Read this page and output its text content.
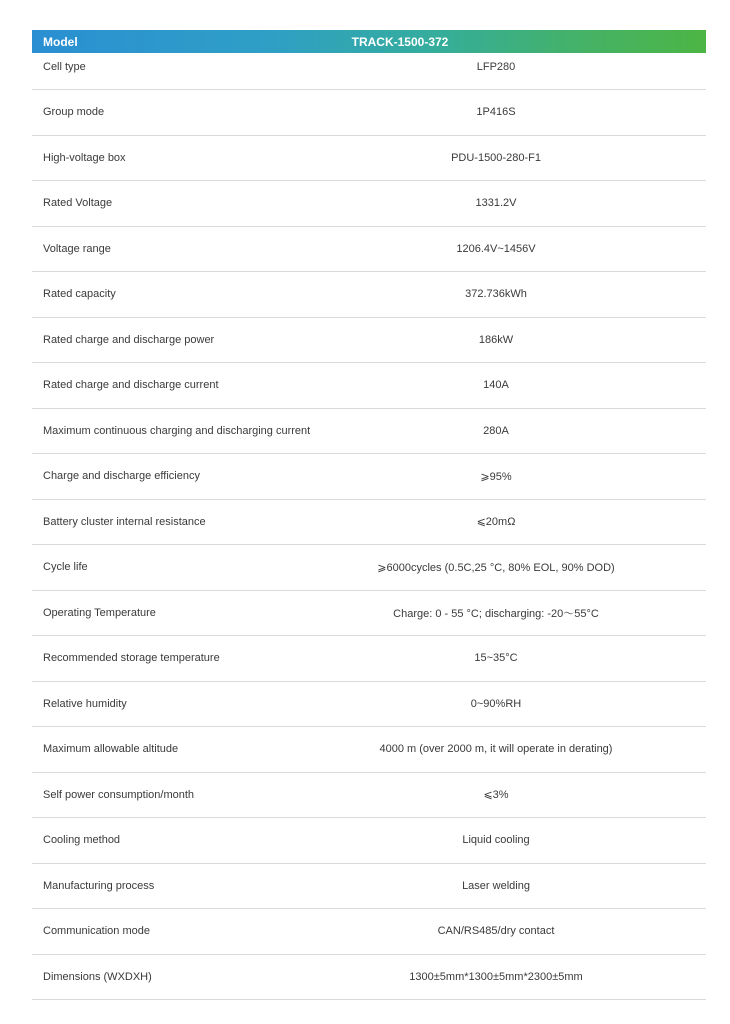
Model	TRACK-1500-372
Cell type	LFP280
Group mode	1P416S
High-voltage box	PDU-1500-280-F1
Rated Voltage	1331.2V
Voltage range	1206.4V~1456V
Rated capacity	372.736kWh
Rated charge and discharge power	186kW
Rated charge and discharge current	140A
Maximum continuous charging and discharging current	280A
Charge and discharge efficiency	⩾95%
Battery cluster internal resistance	⩽20mΩ
Cycle life	⩾6000cycles (0.5C,25 °C, 80% EOL, 90% DOD)
Operating Temperature	Charge: 0 - 55 °C; discharging: -20〜55°C
Recommended storage temperature	15~35°C
Relative humidity	0~90%RH
Maximum allowable altitude	4000 m (over 2000 m, it will operate in derating)
Self power consumption/month	⩽3%
Cooling method	Liquid cooling
Manufacturing process	Laser welding
Communication mode	CAN/RS485/dry contact
Dimensions (WXDXH)	1300±5mm*1300±5mm*2300±5mm
